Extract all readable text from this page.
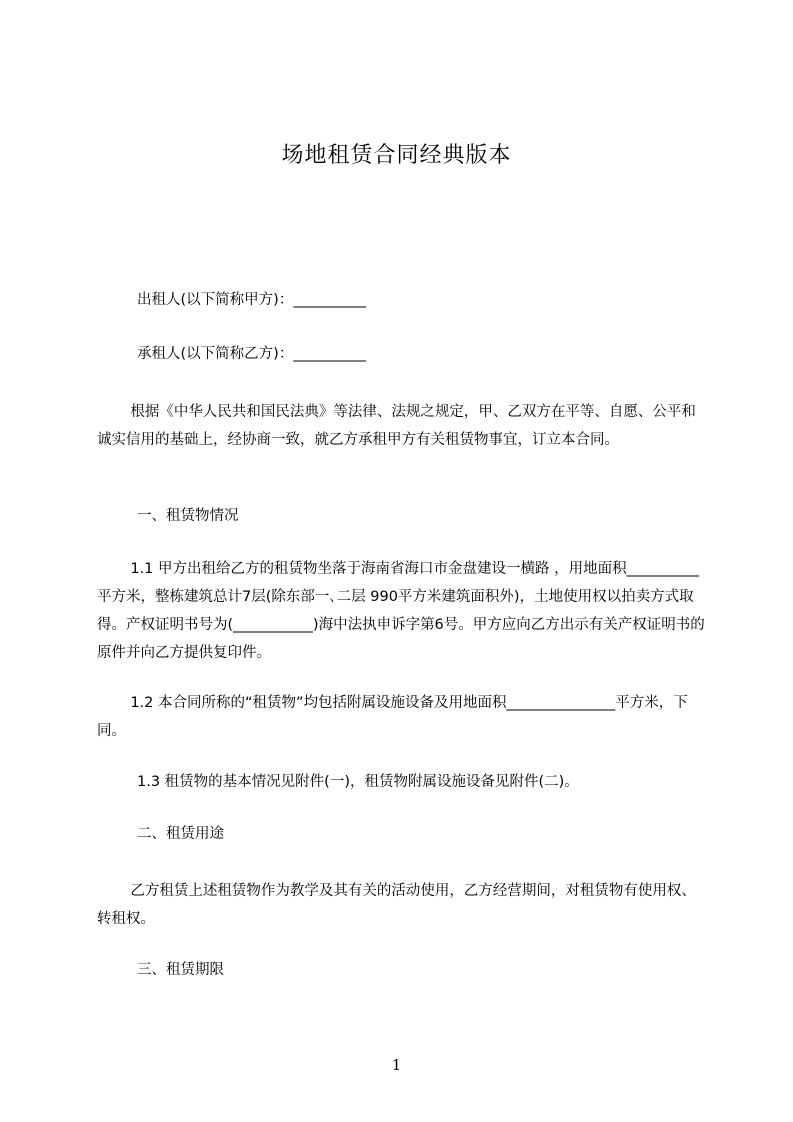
场地租赁合同经典版本
出租人(以下简称甲方)：__________
承租人(以下简称乙方)：__________
根据《中华人民共和国民法典》等法律、法规之规定，甲、乙双方在平等、自愿、公平和诚实信用的基础上，经协商一致，就乙方承租甲方有关租赁物事宜，订立本合同。
一、租赁物情况
1.1 甲方出租给乙方的租赁物坐落于海南省海口市金盘建设一横路 ，用地面积__________平方米，整栋建筑总计7层(除东部一､二层 990平方米建筑面积外)，土地使用权以拍卖方式取得。产权证明书号为(___________)海中法执申诉字第6号。甲方应向乙方出示有关产权证明书的原件并向乙方提供复印件。
1.2 本合同所称的“租赁物”均包括附属设施设备及用地面积_______________平方米，下同。
1.3 租赁物的基本情况见附件(一)，租赁物附属设施设备见附件(二)。
二、租赁用途
乙方租赁上述租赁物作为教学及其有关的活动使用，乙方经营期间，对租赁物有使用权、转租权。
三、租赁期限
1
